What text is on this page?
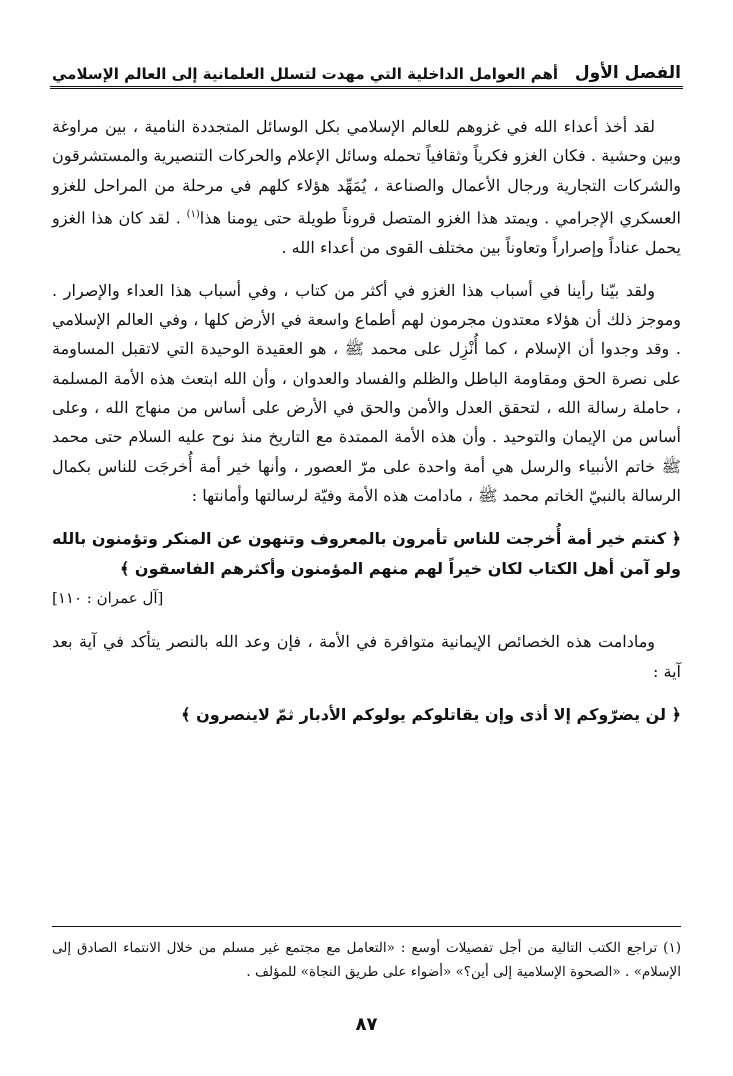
الفصل الأول
أهم العوامل الداخلية التي مهدت لتسلل العلمانية إلى العالم الإسلامي

لقد أخذ أعداء الله في غزوهم للعالم الإسلامي بكل الوسائل المتجددة النامية ، بين مراوغة وبين وحشية . فكان الغزو فكرياً وثقافياً تحمله وسائل الإعلام والحركات التنصيرية والمستشرقون والشركات التجارية ورجال الأعمال والصناعة ، يُمَهِّد هؤلاء كلهم في مرحلة من المراحل للغزو العسكري الإجرامي . ويمتد هذا الغزو المتصل قروناً طويلة حتى يومنا هذا$^{(١)}$ . لقد كان هذا الغزو يحمل عناداً وإصراراً وتعاوناً بين مختلف القوى من أعداء الله .

ولقد بيّنا رأينا في أسباب هذا الغزو في أكثر من كتاب ، وفي أسباب هذا العداء والإصرار . وموجز ذلك أن هؤلاء معتدون مجرمون لهم أطماع واسعة في الأرض كلها ، وفي العالم الإسلامي . وقد وجدوا أن الإسلام ، كما أُنْزِل على محمد ﷺ ، هو العقيدة الوحيدة التي لاتقبل المساومة على نصرة الحق ومقاومة الباطل والظلم والفساد والعدوان ، وأن الله ابتعث هذه الأمة المسلمة ، حاملة رسالة الله ، لتحقق العدل والأمن والحق في الأرض على أساس من منهاج الله ، وعلى أساس من الإيمان والتوحيد . وأن هذه الأمة الممتدة مع التاريخ منذ نوح عليه السلام حتى محمد ﷺ خاتم الأنبياء والرسل هي أمة واحدة على مرّ العصور ، وأنها خير أمة أُخرجَت للناس بكمال الرسالة بالنبيّ الخاتم محمد ﷺ ، مادامت هذه الأمة وفيّة لرسالتها وأمانتها :

﴿ كنتم خير أمة أُخرجت للناس تأمرون بالمعروف وتنهون عن المنكر وتؤمنون بالله ولو آمن أهل الكتاب لكان خيراً لهم منهم المؤمنون وأكثرهم الفاسقون ﴾

[آل عمران : ١١٠]

ومادامت هذه الخصائص الإيمانية متوافرة في الأمة ، فإن وعد الله بالنصر يتأكد في آية بعد آية :

﴿ لن يضرّوكم إلا أذى وإن يقاتلوكم يولوكم الأدبار ثمّ لاينصرون ﴾

(١) تراجع الكتب التالية من أجل تفصيلات أوسع : «التعامل مع مجتمع غير مسلم من خلال الانتماء الصادق إلى الإسلام» . «الصحوة الإسلامية إلى أين؟» «أضواء على طريق النجاة» للمؤلف .
٨٧
